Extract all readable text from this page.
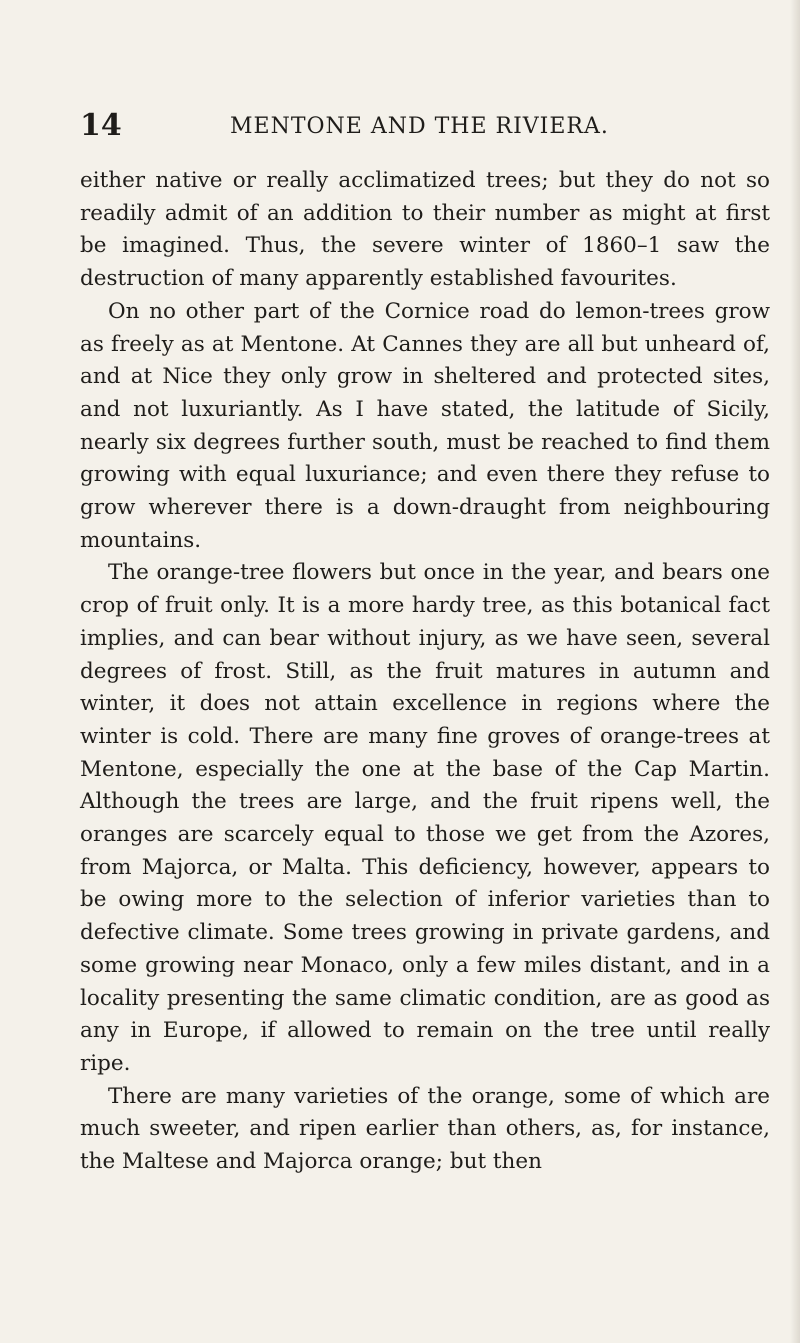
14	MENTONE AND THE RIVIERA.

either native or really acclimatized trees; but they do not so readily admit of an addition to their number as might at first be imagined. Thus, the severe winter of 1860–1 saw the destruction of many apparently established favourites.

On no other part of the Cornice road do lemon-trees grow as freely as at Mentone. At Cannes they are all but unheard of, and at Nice they only grow in sheltered and protected sites, and not luxuriantly. As I have stated, the latitude of Sicily, nearly six degrees further south, must be reached to find them growing with equal luxuriance; and even there they refuse to grow wherever there is a down-draught from neighbouring mountains.

The orange-tree flowers but once in the year, and bears one crop of fruit only. It is a more hardy tree, as this botanical fact implies, and can bear without injury, as we have seen, several degrees of frost. Still, as the fruit matures in autumn and winter, it does not attain excellence in regions where the winter is cold. There are many fine groves of orange-trees at Mentone, especially the one at the base of the Cap Martin. Although the trees are large, and the fruit ripens well, the oranges are scarcely equal to those we get from the Azores, from Majorca, or Malta. This deficiency, however, appears to be owing more to the selection of inferior varieties than to defective climate. Some trees growing in private gardens, and some growing near Monaco, only a few miles distant, and in a locality presenting the same climatic condition, are as good as any in Europe, if allowed to remain on the tree until really ripe.

There are many varieties of the orange, some of which are much sweeter, and ripen earlier than others, as, for instance, the Maltese and Majorca orange; but then
